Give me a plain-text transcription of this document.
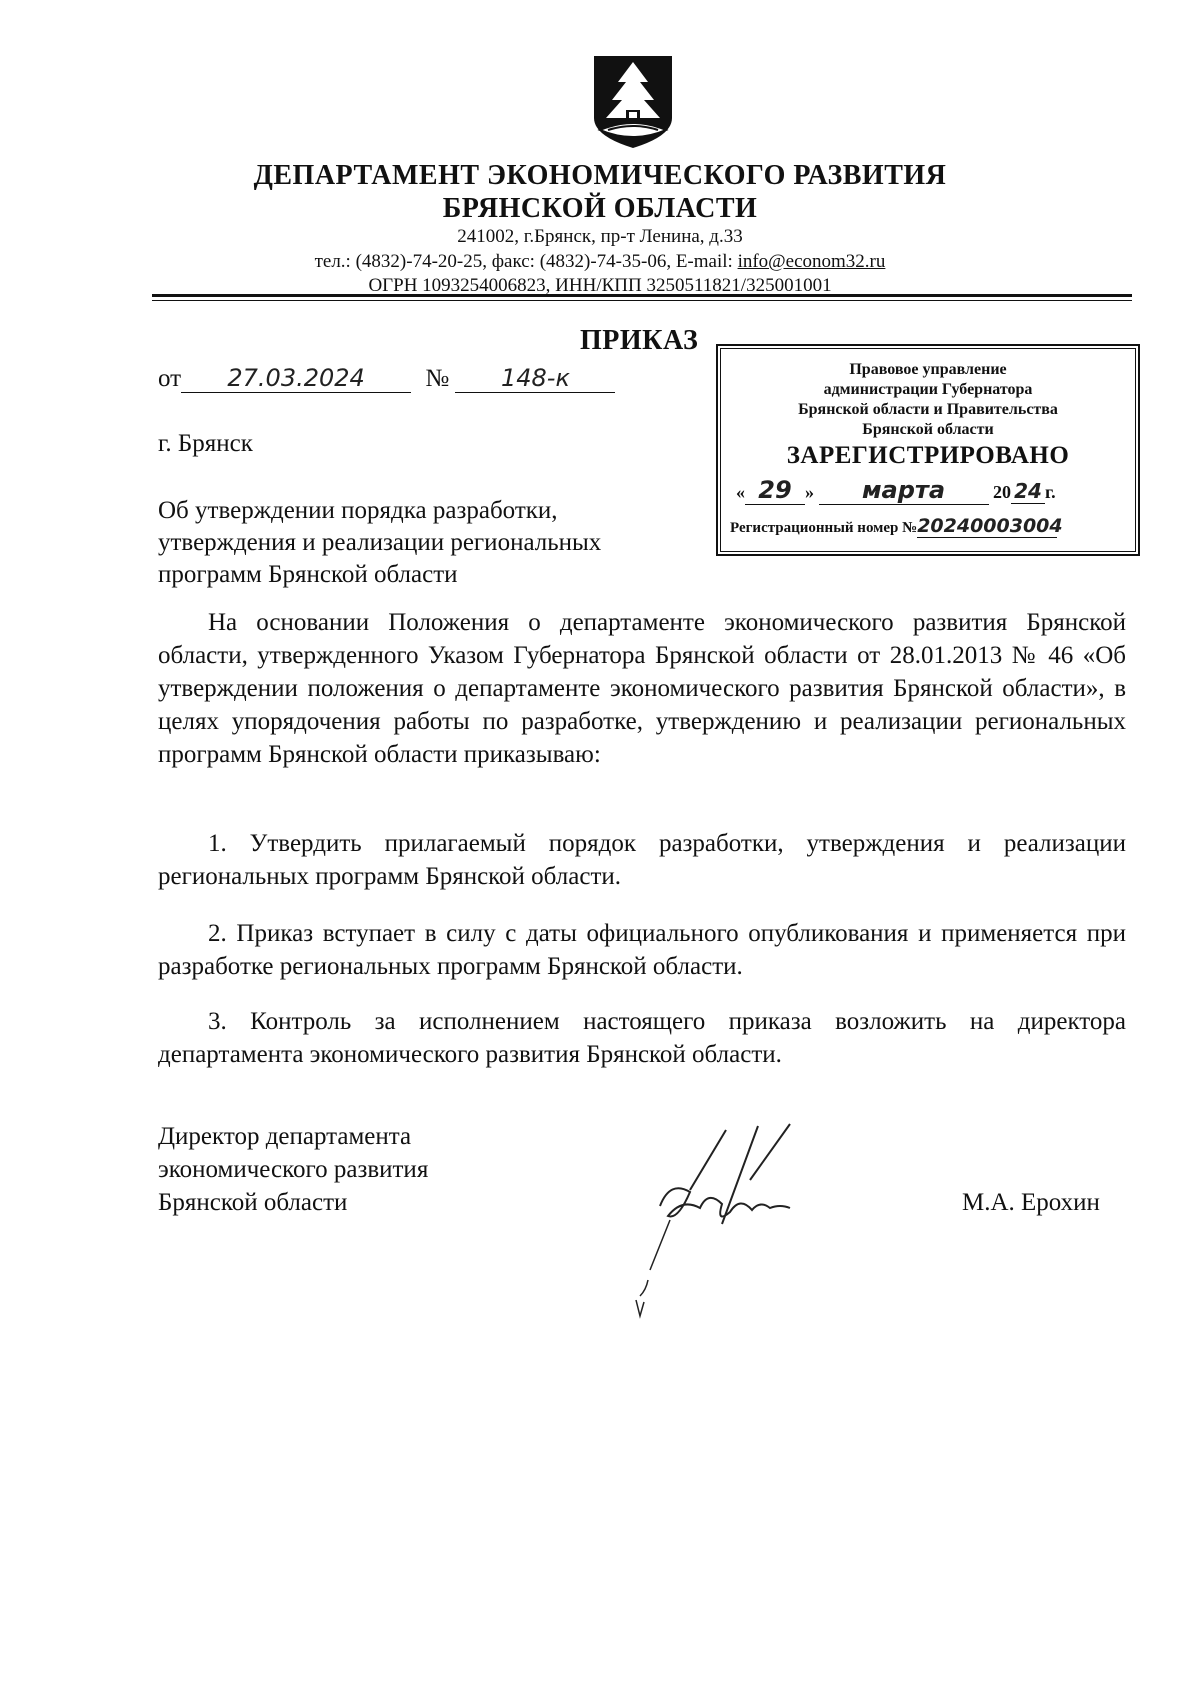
ДЕПАРТАМЕНТ ЭКОНОМИЧЕСКОГО РАЗВИТИЯ
БРЯНСКОЙ ОБЛАСТИ
241002, г.Брянск, пр-т Ленина, д.33
тел.: (4832)-74-20-25, факс: (4832)-74-35-06, E-mail: info@econom32.ru
ОГРН 1093254006823, ИНН/КПП 3250511821/325001001
ПРИКАЗ
от 27.03.2024 № 148-к
г. Брянск
Об утверждении порядка разработки,
утверждения и реализации региональных
программ Брянской области
Правовое управление
администрации Губернатора
Брянской области и Правительства
Брянской области
ЗАРЕГИСТРИРОВАНО
« 29 » марта	20 24 г.
Регистрационный номер №20240003004
На основании Положения о департаменте экономического развития Брянской области, утвержденного Указом Губернатора Брянской области от 28.01.2013 № 46 «Об утверждении положения о департаменте экономического развития Брянской области», в целях упорядочения работы по разработке, утверждению и реализации региональных программ Брянской области приказываю:
1. Утвердить прилагаемый порядок разработки, утверждения и реализации региональных программ Брянской области.
2. Приказ вступает в силу с даты официального опубликования и применяется при разработке региональных программ Брянской области.
3. Контроль за исполнением настоящего приказа возложить на директора департамента экономического развития Брянской области.
Директор департамента
экономического развития
Брянской области	М.А. Ерохин
